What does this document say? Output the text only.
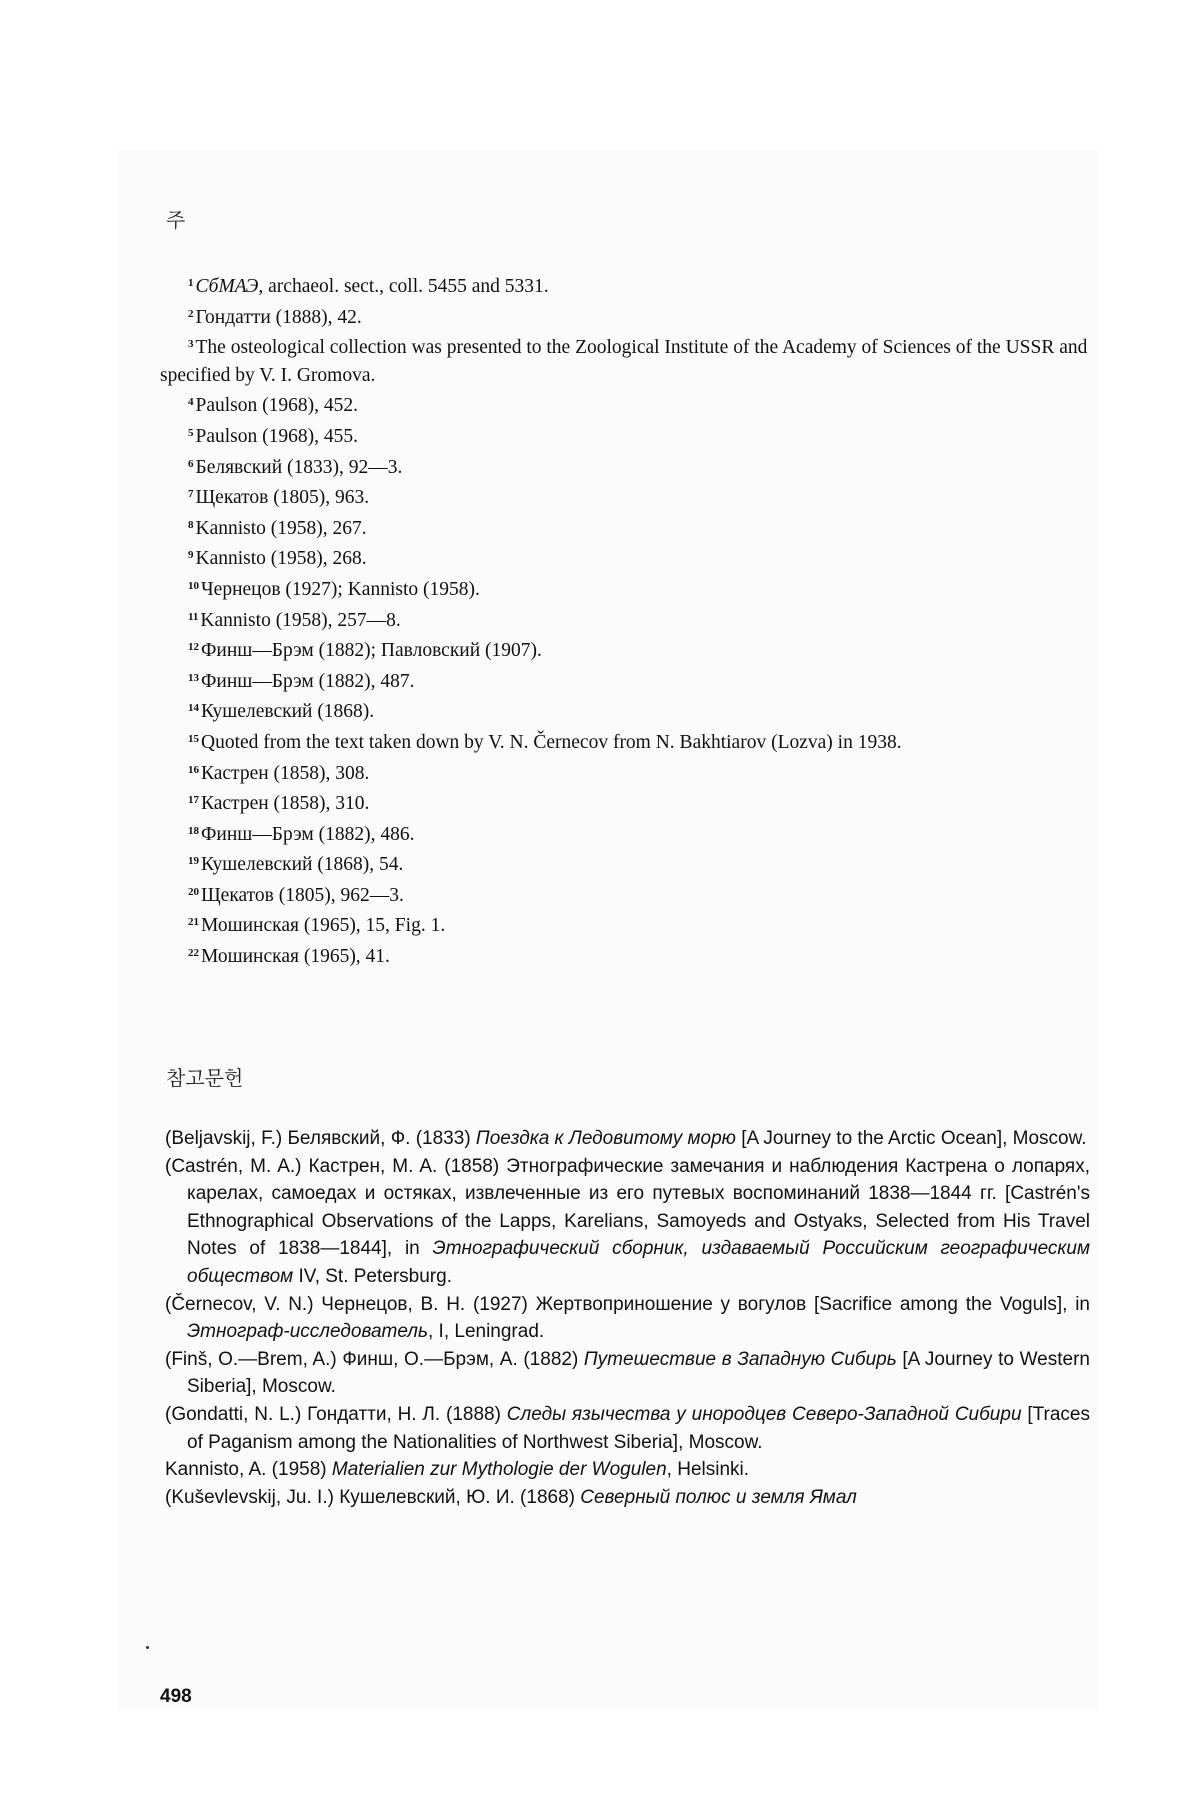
주
$^1$ СбМАЭ, archaeol. sect., coll. 5455 and 5331.
$^2$ Гондатти (1888), 42.
$^3$ The osteological collection was presented to the Zoological Institute of the Academy of Sciences of the USSR and specified by V. I. Gromova.
$^4$ Paulson (1968), 452.
$^5$ Paulson (1968), 455.
$^6$ Белявский (1833), 92—3.
$^7$ Щекатов (1805), 963.
$^8$ Kannisto (1958), 267.
$^9$ Kannisto (1958), 268.
$^{10}$ Чернецов (1927); Kannisto (1958).
$^{11}$ Kannisto (1958), 257—8.
$^{12}$ Финш—Брэм (1882); Павловский (1907).
$^{13}$ Финш—Брэм (1882), 487.
$^{14}$ Кушелевский (1868).
$^{15}$ Quoted from the text taken down by V. N. Černecov from N. Bakhtiarov (Lozva) in 1938.
$^{16}$ Кастрен (1858), 308.
$^{17}$ Кастрен (1858), 310.
$^{18}$ Финш—Брэм (1882), 486.
$^{19}$ Кушелевский (1868), 54.
$^{20}$ Щекатов (1805), 962—3.
$^{21}$ Мошинская (1965), 15, Fig. 1.
$^{22}$ Мошинская (1965), 41.
참고문헌
(Beljavskij, F.) Белявский, Ф. (1833) Поездка к Ледовитому морю [A Journey to the Arctic Ocean], Moscow.
(Castrén, M. A.) Кастрен, M. A. (1858) Этнографические замечания и наблюдения Кастрена о лопарях, карелах, самоедах и остяках, извлеченные из его путевых воспоминаний 1838—1844 гг. [Castrén's Ethnographical Observations of the Lapps, Karelians, Samoyeds and Ostyaks, Selected from His Travel Notes of 1838—1844], in Этнографический сборник, издаваемый Российским географическим обществом IV, St. Petersburg.
(Černecov, V. N.) Чернецов, В. Н. (1927) Жертвоприношение у вогулов [Sacrifice among the Voguls], in Этнограф-исследователь, I, Leningrad.
(Finš, O.—Brem, A.) Финш, O.—Брэм, A. (1882) Путешествие в Западную Сибирь [A Journey to Western Siberia], Moscow.
(Gondatti, N. L.) Гондатти, Н. Л. (1888) Следы язычества у инородцев Северо-Западной Сибири [Traces of Paganism among the Nationalities of Northwest Siberia], Moscow.
Kannisto, A. (1958) Materialien zur Mythologie der Wogulen, Helsinki.
(Kuševlevskij, Ju. I.) Кушелевский, Ю. И. (1868) Северный полюс и земля Ямал
498
